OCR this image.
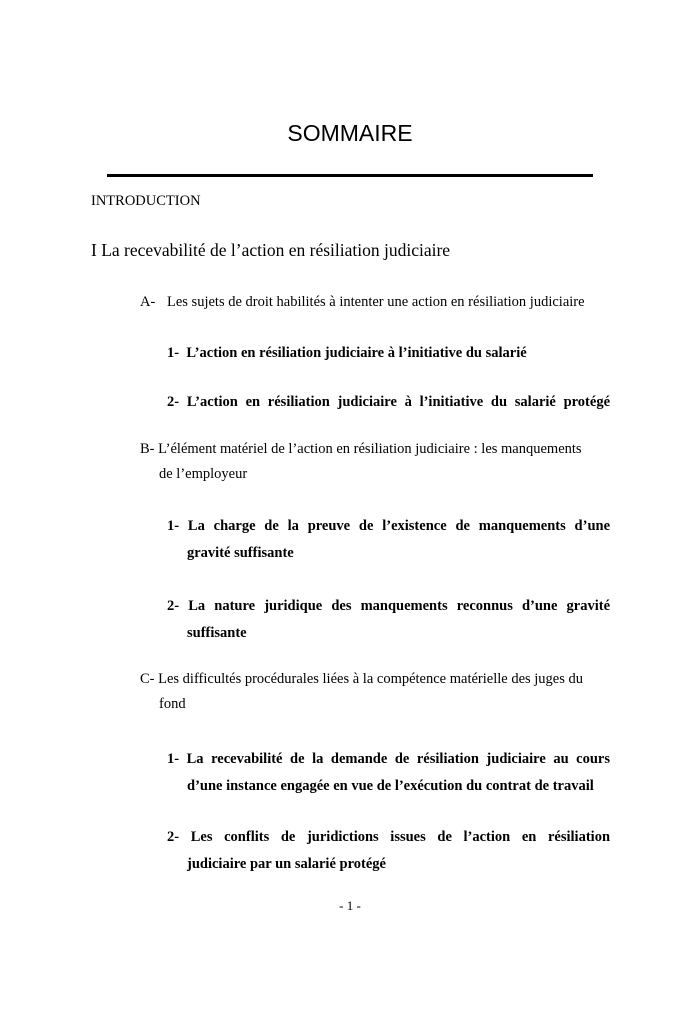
SOMMAIRE
INTRODUCTION
I La recevabilité de l’action en résiliation judiciaire
A- Les sujets de droit habilités à intenter une action en résiliation judiciaire
1- L’action en résiliation judiciaire à l’initiative du salarié
2- L’action en résiliation judiciaire à l’initiative du salarié protégé
B- L’élément matériel de l’action en résiliation judiciaire : les manquements
de l’employeur
1- La charge de la preuve de l’existence de manquements d’une
gravité suffisante
2- La nature juridique des manquements reconnus d’une gravité
suffisante
C- Les difficultés procédurales liées à la compétence matérielle des juges du
fond
1- La recevabilité de la demande de résiliation judiciaire au cours
d’une instance engagée en vue de l’exécution du contrat de travail
2- Les conflits de juridictions issues de l’action en résiliation
judiciaire par un salarié protégé
- 1 -
